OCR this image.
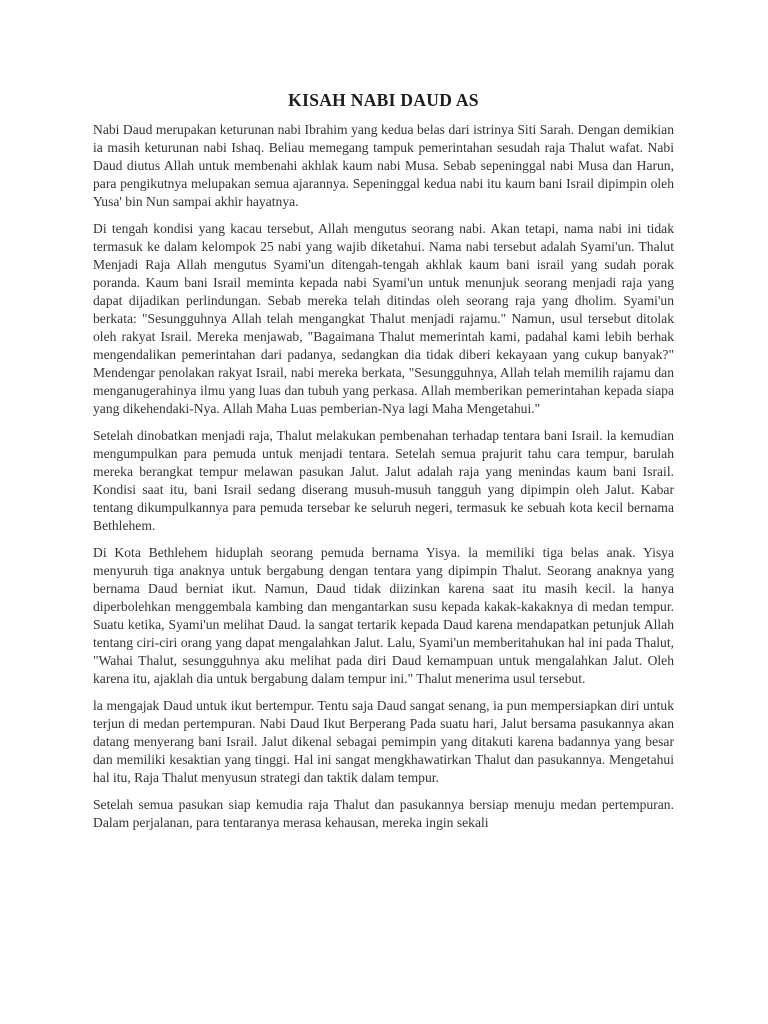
KISAH NABI DAUD AS

Nabi Daud merupakan keturunan nabi Ibrahim yang kedua belas dari istrinya Siti Sarah. Dengan demikian ia masih keturunan nabi Ishaq. Beliau memegang tampuk pemerintahan sesudah raja Thalut wafat. Nabi Daud diutus Allah untuk membenahi akhlak kaum nabi Musa. Sebab sepeninggal nabi Musa dan Harun, para pengikutnya melupakan semua ajarannya. Sepeninggal kedua nabi itu kaum bani Israil dipimpin oleh Yusa' bin Nun sampai akhir hayatnya.

Di tengah kondisi yang kacau tersebut, Allah mengutus seorang nabi. Akan tetapi, nama nabi ini tidak termasuk ke dalam kelompok 25 nabi yang wajib diketahui. Nama nabi tersebut adalah Syami'un. Thalut Menjadi Raja Allah mengutus Syami'un ditengah-tengah akhlak kaum bani israil yang sudah porak poranda. Kaum bani Israil meminta kepada nabi Syami'un untuk menunjuk seorang menjadi raja yang dapat dijadikan perlindungan. Sebab mereka telah ditindas oleh seorang raja yang dholim. Syami'un berkata: "Sesungguhnya Allah telah mengangkat Thalut menjadi rajamu." Namun, usul tersebut ditolak oleh rakyat Israil. Mereka menjawab, "Bagaimana Thalut memerintah kami, padahal kami lebih berhak mengendalikan pemerintahan dari padanya, sedangkan dia tidak diberi kekayaan yang cukup banyak?" Mendengar penolakan rakyat Israil, nabi mereka berkata, "Sesungguhnya, Allah telah memilih rajamu dan menganugerahinya ilmu yang luas dan tubuh yang perkasa. Allah memberikan pemerintahan kepada siapa yang dikehendaki-Nya. Allah Maha Luas pemberian-Nya lagi Maha Mengetahui."

Setelah dinobatkan menjadi raja, Thalut melakukan pembenahan terhadap tentara bani Israil. la kemudian mengumpulkan para pemuda untuk menjadi tentara. Setelah semua prajurit tahu cara tempur, barulah mereka berangkat tempur melawan pasukan Jalut. Jalut adalah raja yang menindas kaum bani Israil. Kondisi saat itu, bani Israil sedang diserang musuh-musuh tangguh yang dipimpin oleh Jalut. Kabar tentang dikumpulkannya para pemuda tersebar ke seluruh negeri, termasuk ke sebuah kota kecil bernama Bethlehem.

Di Kota Bethlehem hiduplah seorang pemuda bernama Yisya. la memiliki tiga belas anak. Yisya menyuruh tiga anaknya untuk bergabung dengan tentara yang dipimpin Thalut. Seorang anaknya yang bernama Daud berniat ikut. Namun, Daud tidak diizinkan karena saat itu masih kecil. la hanya diperbolehkan menggembala kambing dan mengantarkan susu kepada kakak-kakaknya di medan tempur. Suatu ketika, Syami'un melihat Daud. la sangat tertarik kepada Daud karena mendapatkan petunjuk Allah tentang ciri-ciri orang yang dapat mengalahkan Jalut. Lalu, Syami'un memberitahukan hal ini pada Thalut, "Wahai Thalut, sesungguhnya aku melihat pada diri Daud kemampuan untuk mengalahkan Jalut. Oleh karena itu, ajaklah dia untuk bergabung dalam tempur ini." Thalut menerima usul tersebut.

la mengajak Daud untuk ikut bertempur. Tentu saja Daud sangat senang, ia pun mempersiapkan diri untuk terjun di medan pertempuran. Nabi Daud Ikut Berperang Pada suatu hari, Jalut bersama pasukannya akan datang menyerang bani Israil. Jalut dikenal sebagai pemimpin yang ditakuti karena badannya yang besar dan memiliki kesaktian yang tinggi. Hal ini sangat mengkhawatirkan Thalut dan pasukannya. Mengetahui hal itu, Raja Thalut menyusun strategi dan taktik dalam tempur.

Setelah semua pasukan siap kemudia raja Thalut dan pasukannya bersiap menuju medan pertempuran. Dalam perjalanan, para tentaranya merasa kehausan, mereka ingin sekali
